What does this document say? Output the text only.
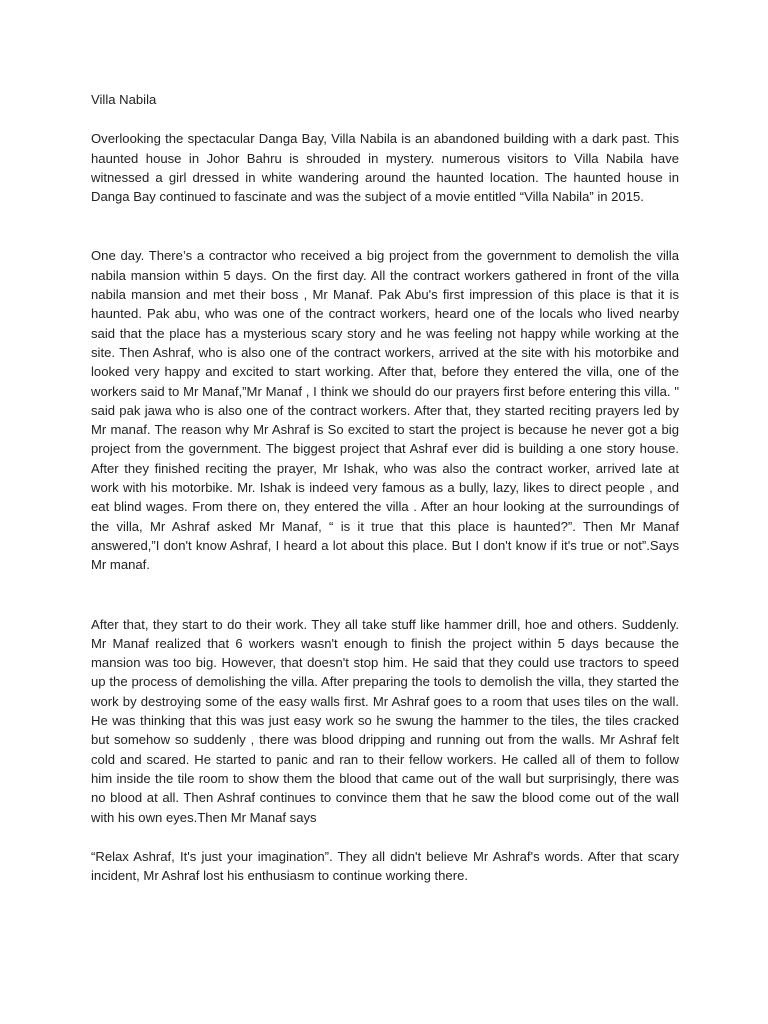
Villa Nabila

Overlooking the spectacular Danga Bay, Villa Nabila is an abandoned building with a dark past. This haunted house in Johor Bahru is shrouded in mystery. numerous visitors to Villa Nabila have witnessed a girl dressed in white wandering around the haunted location. The haunted house in Danga Bay continued to fascinate and was the subject of a movie entitled “Villa Nabila” in 2015.

One day. There’s a contractor who received a big project from the government to demolish the villa nabila mansion within 5 days. On the first day. All the contract workers gathered in front of the villa nabila mansion and met their boss , Mr Manaf. Pak Abu's first impression of this place is that it is haunted. Pak abu, who was one of the contract workers, heard one of the locals who lived nearby said that the place has a mysterious scary story and he was feeling not happy while working at the site. Then Ashraf, who is also one of the contract workers, arrived at the site with his motorbike and looked very happy and excited to start working. After that, before they entered the villa, one of the workers said to Mr Manaf,”Mr Manaf , I think we should do our prayers first before entering this villa. " said pak jawa who is also one of the contract workers. After that, they started reciting prayers led by Mr manaf. The reason why Mr Ashraf is So excited to start the project is because he never got a big project from the government. The biggest project that Ashraf ever did is building a one story house. After they finished reciting the prayer, Mr Ishak, who was also the contract worker, arrived late at work with his motorbike. Mr. Ishak is indeed very famous as a bully, lazy, likes to direct people , and eat blind wages. From there on, they entered the villa . After an hour looking at the surroundings of the villa, Mr Ashraf asked Mr Manaf, “ is it true that this place is haunted?”. Then Mr Manaf answered,”I don't know Ashraf, I heard a lot about this place. But I don't know if it's true or not”.Says Mr manaf.

After that, they start to do their work. They all take stuff like hammer drill, hoe and others. Suddenly. Mr Manaf realized that 6 workers wasn't enough to finish the project within 5 days because the mansion was too big. However, that doesn't stop him. He said that they could use tractors to speed up the process of demolishing the villa. After preparing the tools to demolish the villa, they started the work by destroying some of the easy walls first. Mr Ashraf goes to a room that uses tiles on the wall. He was thinking that this was just easy work so he swung the hammer to the tiles, the tiles cracked but somehow so suddenly , there was blood dripping and running out from the walls. Mr Ashraf felt cold and scared. He started to panic and ran to their fellow workers. He called all of them to follow him inside the tile room to show them the blood that came out of the wall but surprisingly, there was no blood at all. Then Ashraf continues to convince them that he saw the blood come out of the wall with his own eyes.Then Mr Manaf says

“Relax Ashraf, It's just your imagination”. They all didn't believe Mr Ashraf's words. After that scary incident, Mr Ashraf lost his enthusiasm to continue working there.
